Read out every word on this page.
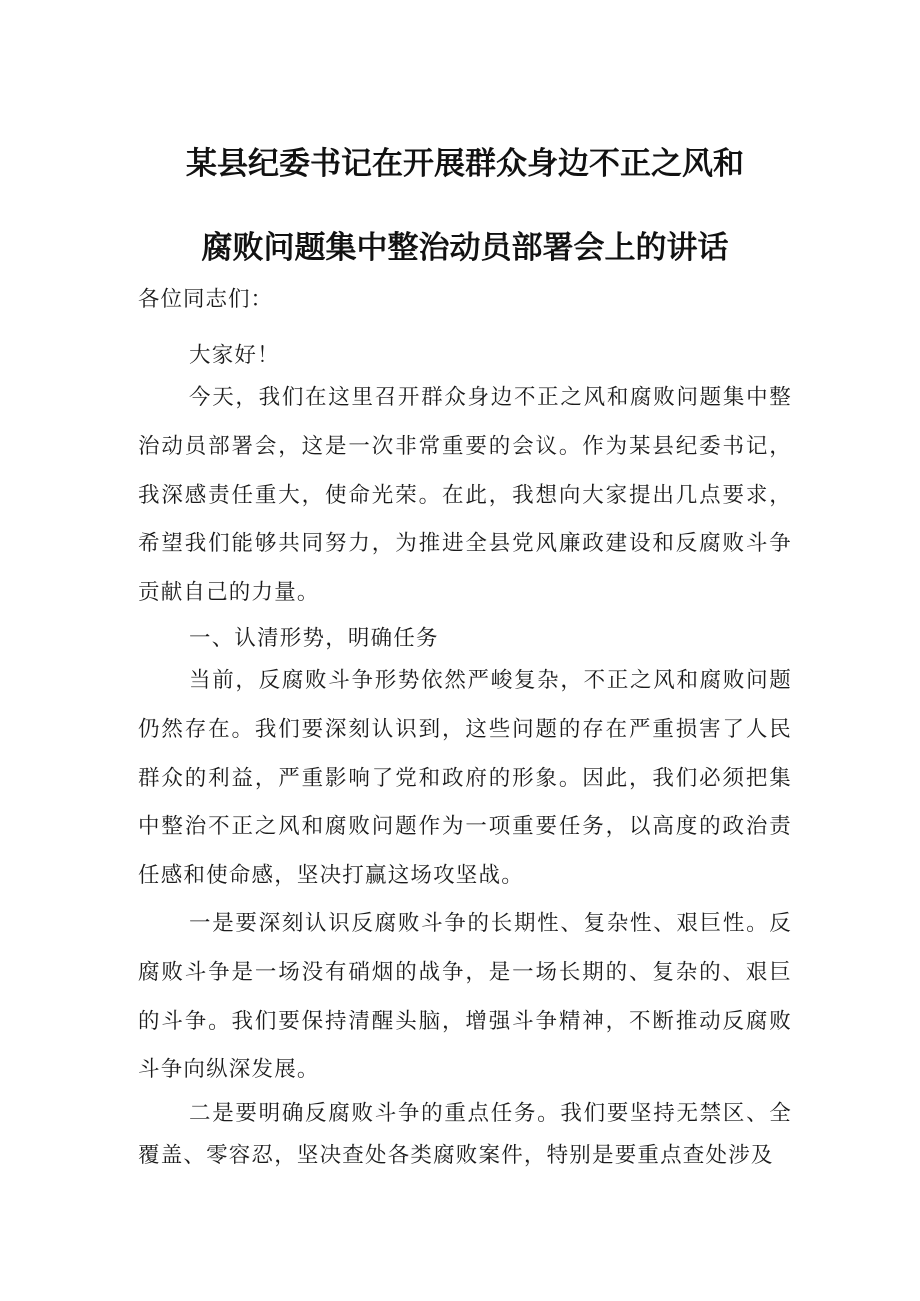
某县纪委书记在开展群众身边不正之风和
腐败问题集中整治动员部署会上的讲话

各位同志们：

大家好！

今天，我们在这里召开群众身边不正之风和腐败问题集中整治动员部署会，这是一次非常重要的会议。作为某县纪委书记，我深感责任重大，使命光荣。在此，我想向大家提出几点要求，希望我们能够共同努力，为推进全县党风廉政建设和反腐败斗争贡献自己的力量。

一、认清形势，明确任务

当前，反腐败斗争形势依然严峻复杂，不正之风和腐败问题仍然存在。我们要深刻认识到，这些问题的存在严重损害了人民群众的利益，严重影响了党和政府的形象。因此，我们必须把集中整治不正之风和腐败问题作为一项重要任务，以高度的政治责任感和使命感，坚决打赢这场攻坚战。

一是要深刻认识反腐败斗争的长期性、复杂性、艰巨性。反腐败斗争是一场没有硝烟的战争，是一场长期的、复杂的、艰巨的斗争。我们要保持清醒头脑，增强斗争精神，不断推动反腐败斗争向纵深发展。

二是要明确反腐败斗争的重点任务。我们要坚持无禁区、全覆盖、零容忍，坚决查处各类腐败案件，特别是要重点查处涉及
